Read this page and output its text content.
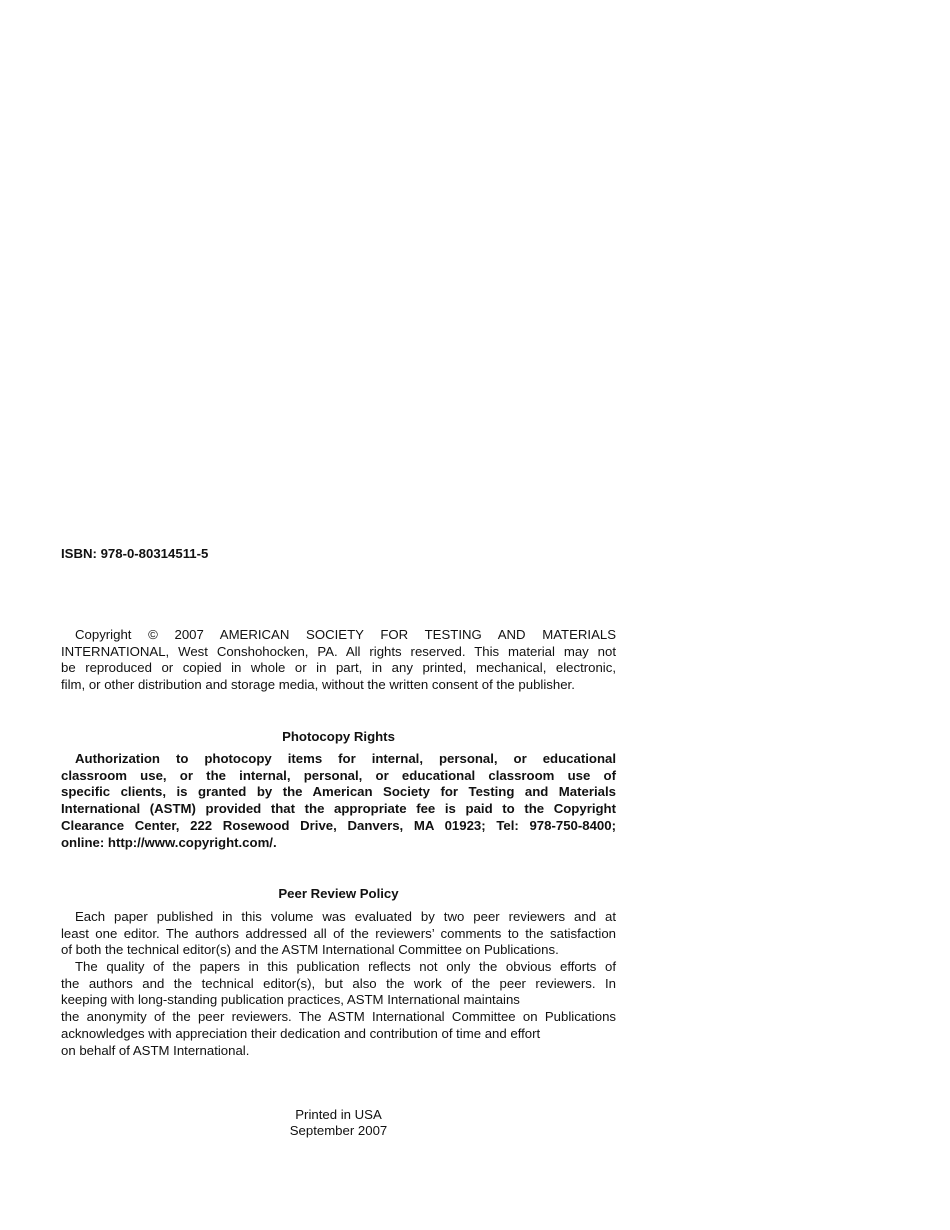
ISBN: 978-0-80314511-5
Copyright © 2007 AMERICAN SOCIETY FOR TESTING AND MATERIALS
INTERNATIONAL, West Conshohocken, PA. All rights reserved. This material may not
be reproduced or copied in whole or in part, in any printed, mechanical, electronic,
film, or other distribution and storage media, without the written consent of the publisher.
Photocopy Rights
Authorization to photocopy items for internal, personal, or educational
classroom use, or the internal, personal, or educational classroom use of
specific clients, is granted by the American Society for Testing and Materials
International (ASTM) provided that the appropriate fee is paid to the Copyright
Clearance Center, 222 Rosewood Drive, Danvers, MA 01923; Tel: 978-750-8400;
online: http://www.copyright.com/.
Peer Review Policy
Each paper published in this volume was evaluated by two peer reviewers and at
least one editor. The authors addressed all of the reviewers’ comments to the satisfaction
of both the technical editor(s) and the ASTM International Committee on Publications.
The quality of the papers in this publication reflects not only the obvious efforts of
the authors and the technical editor(s), but also the work of the peer reviewers. In
keeping with long-standing publication practices, ASTM International maintains
the anonymity of the peer reviewers. The ASTM International Committee on Publications
acknowledges with appreciation their dedication and contribution of time and effort
on behalf of ASTM International.
Printed in USA
September 2007
